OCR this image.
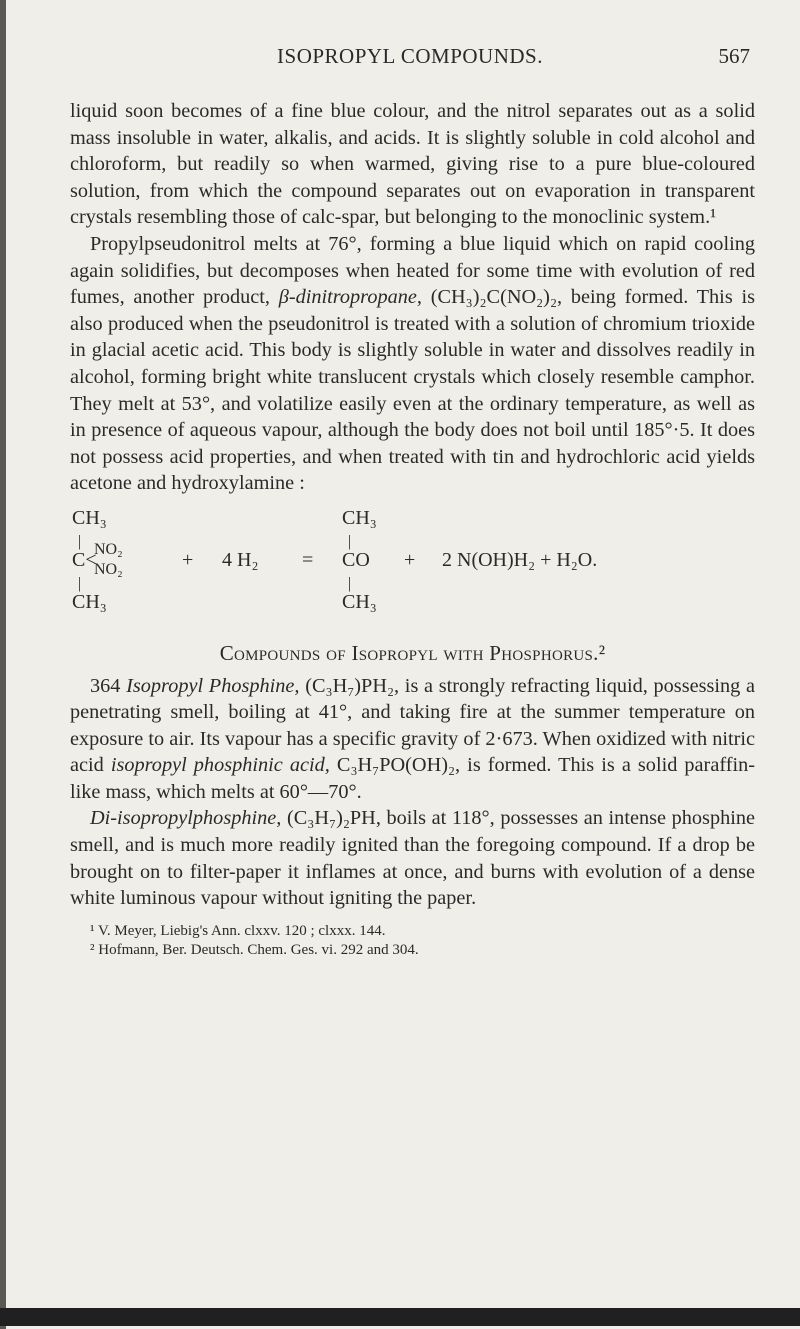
ISOPROPYL COMPOUNDS.	567

liquid soon becomes of a fine blue colour, and the nitrol separates out as a solid mass insoluble in water, alkalis, and acids. It is slightly soluble in cold alcohol and chloroform, but readily so when warmed, giving rise to a pure blue-coloured solution, from which the compound separates out on evaporation in transparent crystals resembling those of calc-spar, but belonging to the monoclinic system.¹

Propylpseudonitrol melts at 76°, forming a blue liquid which on rapid cooling again solidifies, but decomposes when heated for some time with evolution of red fumes, another product, β-dinitropropane, (CH₃)₂C(NO₂)₂, being formed. This is also produced when the pseudonitrol is treated with a solution of chromium trioxide in glacial acetic acid. This body is slightly soluble in water and dissolves readily in alcohol, forming bright white translucent crystals which closely resemble camphor. They melt at 53°, and volatilize easily even at the ordinary temperature, as well as in presence of aqueous vapour, although the body does not boil until 185°·5. It does not possess acid properties, and when treated with tin and hydrochloric acid yields acetone and hydroxylamine :

CH₃
|
C<
NO₂
NO₂
|
CH₃
+ 4 H₂ =
CH₃
|
CO
|
CH₃
+ 2 N(OH)H₂ + H₂O.
Compounds of Isopropyl with Phosphorus.²

364 Isopropyl Phosphine, (C₃H₇)PH₂, is a strongly refracting liquid, possessing a penetrating smell, boiling at 41°, and taking fire at the summer temperature on exposure to air. Its vapour has a specific gravity of 2·673. When oxidized with nitric acid isopropyl phosphinic acid, C₃H₇PO(OH)₂, is formed. This is a solid paraffin-like mass, which melts at 60°—70°.

Di-isopropylphosphine, (C₃H₇)₂PH, boils at 118°, possesses an intense phosphine smell, and is much more readily ignited than the foregoing compound. If a drop be brought on to filter-paper it inflames at once, and burns with evolution of a dense white luminous vapour without igniting the paper.

¹ V. Meyer, Liebig's Ann. clxxv. 120 ; clxxx. 144.
² Hofmann, Ber. Deutsch. Chem. Ges. vi. 292 and 304.
